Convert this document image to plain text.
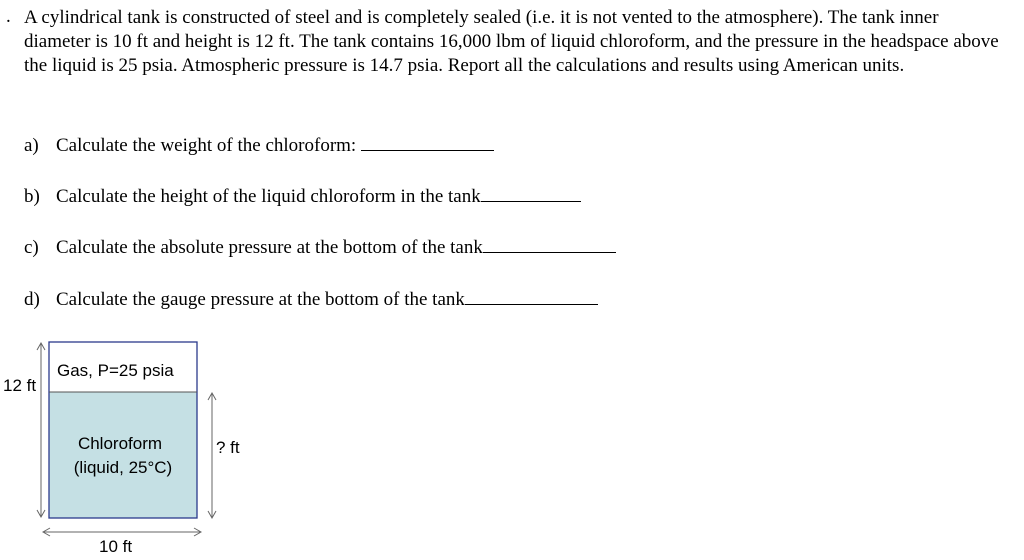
. A cylindrical tank is constructed of steel and is completely sealed (i.e. it is not vented to the atmosphere). The tank inner diameter is 10 ft and height is 12 ft. The tank contains 16,000 lbm of liquid chloroform, and the pressure in the headspace above the liquid is 25 psia. Atmospheric pressure is 14.7 psia. Report all the calculations and results using American units.

a) Calculate the weight of the chloroform:
b) Calculate the height of the liquid chloroform in the tank
c) Calculate the absolute pressure at the bottom of the tank
d) Calculate the gauge pressure at the bottom of the tank
Gas, P=25 psia
Chloroform
(liquid, 25°C)
12 ft
? ft
10 ft
